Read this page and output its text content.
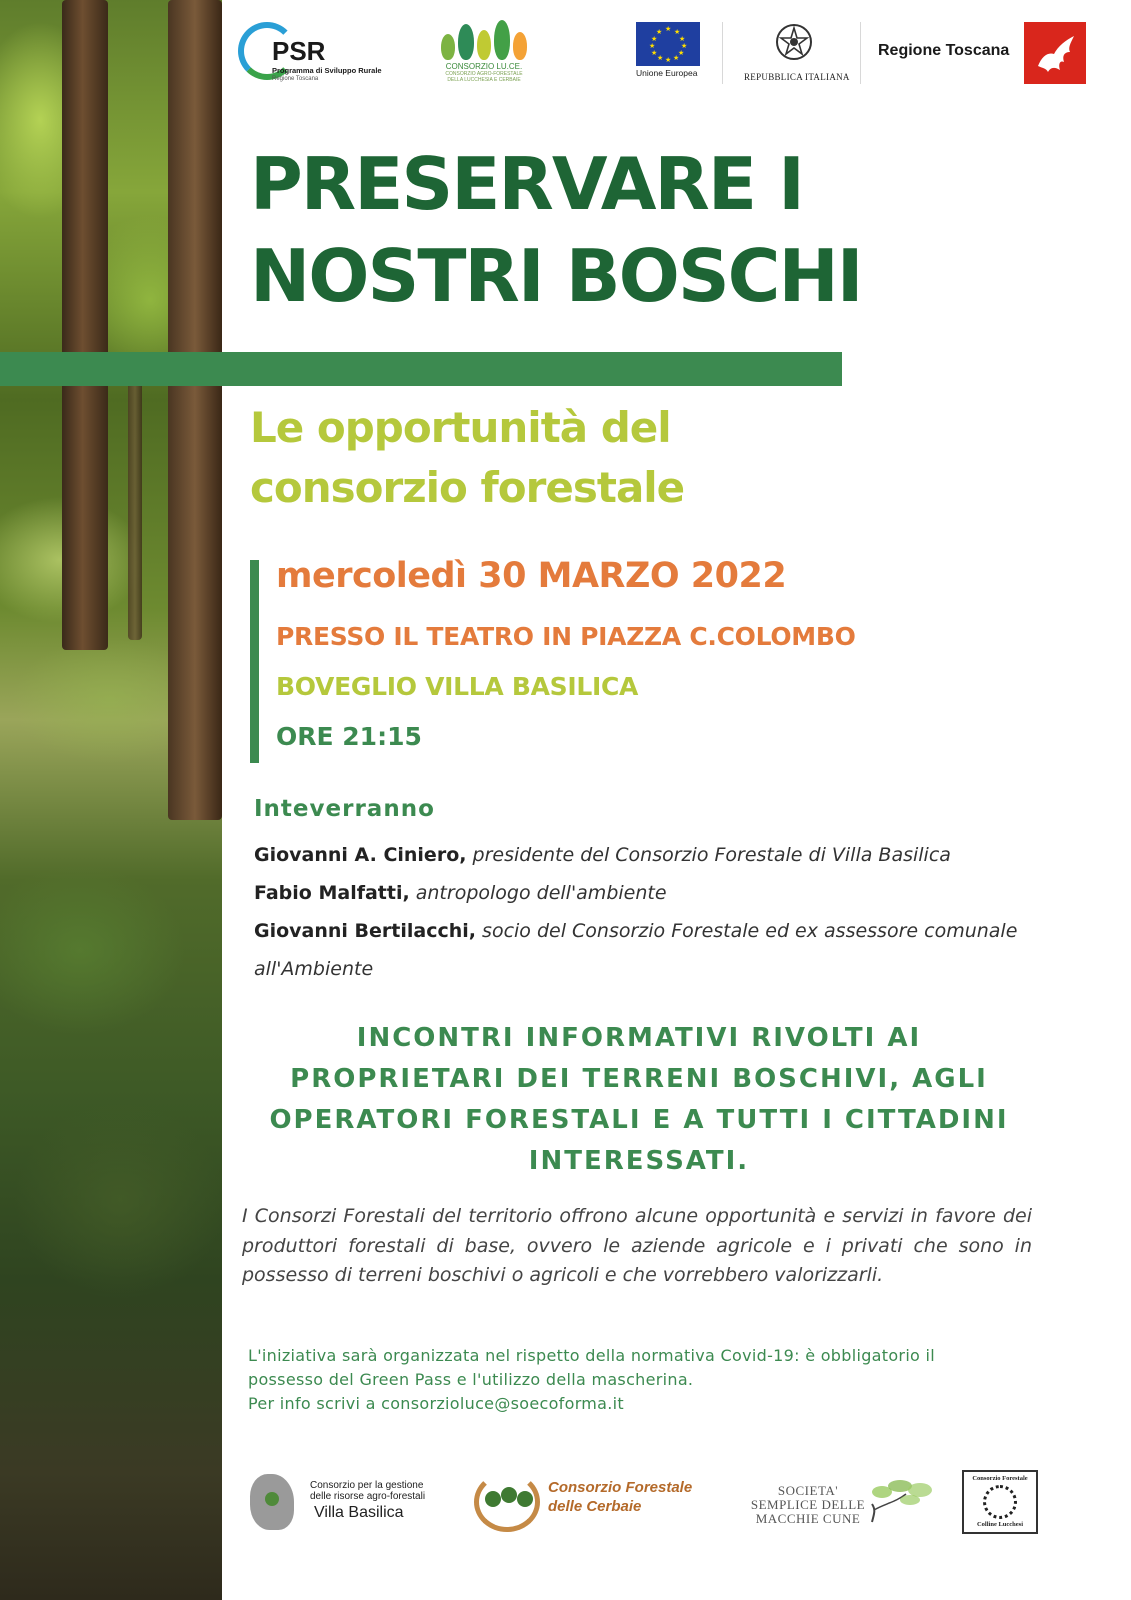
PSR
Programma di Sviluppo Rurale
Regione Toscana
CONSORZIO LU.CE.
CONSORZIO AGRO-FORESTALE
DELLA LUCCHESIA E CERBAIE
★ ★
★
★
★
★
★
★
★
★
★
★
Unione Europea	REPUBBLICA ITALIANA
Regione Toscana
PRESERVARE I
NOSTRI BOSCHI
Le opportunità del
consorzio forestale
mercoledì 30 MARZO 2022
PRESSO IL TEATRO IN PIAZZA C.COLOMBO
BOVEGLIO VILLA BASILICA
ORE 21:15
Inteverranno
Giovanni A. Ciniero, presidente del Consorzio Forestale di Villa Basilica
Fabio Malfatti, antropologo dell'ambiente
Giovanni Bertilacchi, socio del Consorzio Forestale ed ex assessore comunale all'Ambiente
INCONTRI INFORMATIVI RIVOLTI AI
PROPRIETARI DEI TERRENI BOSCHIVI, AGLI
OPERATORI FORESTALI E A TUTTI I CITTADINI
INTERESSATI.
I Consorzi Forestali del territorio offrono alcune opportunità e servizi in favore dei produttori forestali di base, ovvero le aziende agricole e i privati che sono in possesso di terreni boschivi o agricoli e che vorrebbero valorizzarli.
L'iniziativa sarà organizzata nel rispetto della normativa Covid-19: è obbligatorio il
possesso del Green Pass e l'utilizzo della mascherina.
Per info scrivi a consorzioluce@soecoforma.it
Consorzio per la gestione
delle risorse agro-forestali
Villa Basilica
Consorzio Forestale
delle Cerbaie
SOCIETA'
SEMPLICE DELLE
MACCHIE CUNE
Consorzio Forestale
Colline Lucchesi
